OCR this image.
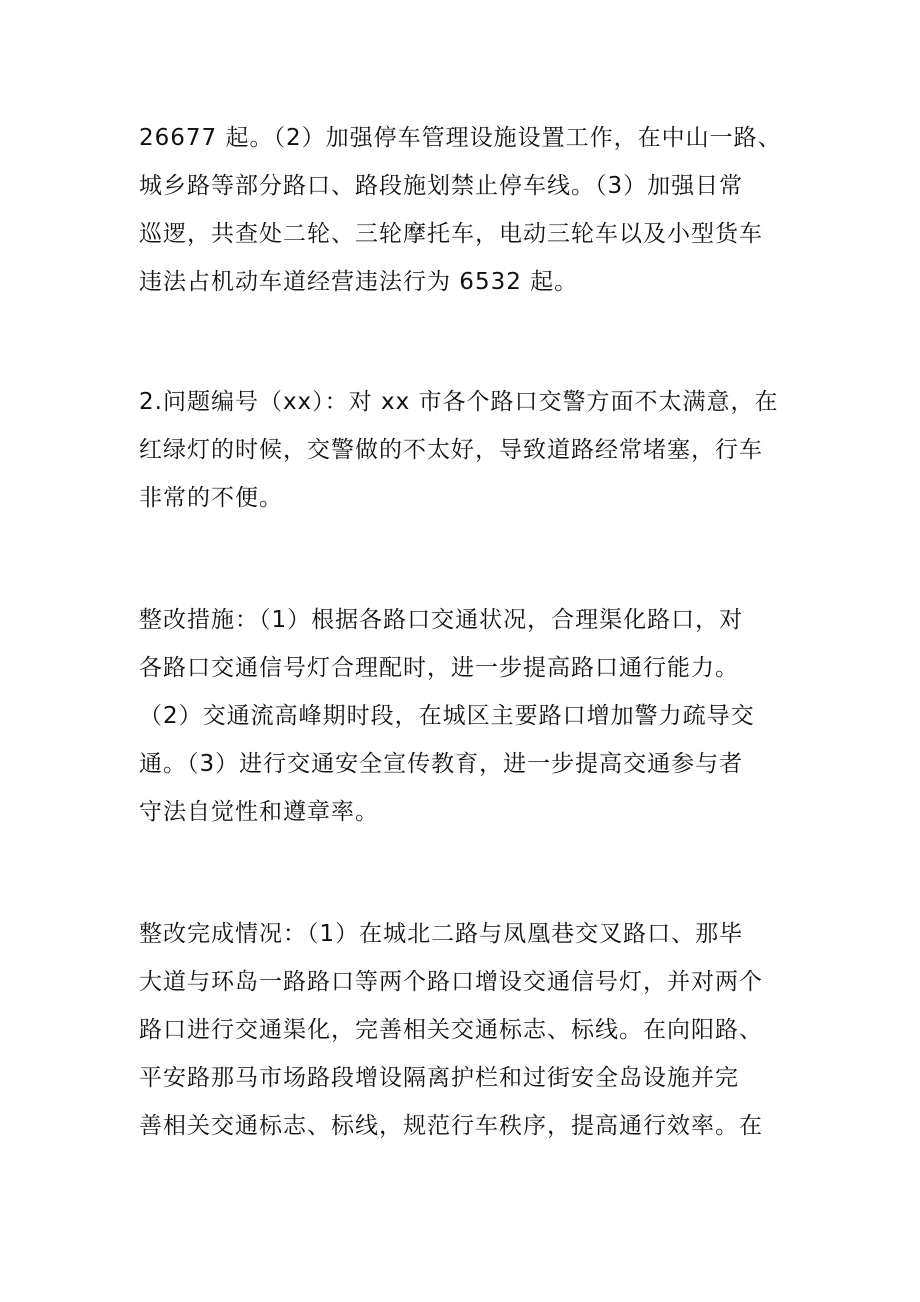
26677 起。（2）加强停车管理设施设置工作，在中山一路、
城乡路等部分路口、路段施划禁止停车线。（3）加强日常
巡逻，共查处二轮、三轮摩托车，电动三轮车以及小型货车
违法占机动车道经营违法行为 6532 起。

2.问题编号（xx）：对 xx 市各个路口交警方面不太满意，在
红绿灯的时候，交警做的不太好，导致道路经常堵塞，行车
非常的不便。

整改措施：（1）根据各路口交通状况，合理渠化路口，对
各路口交通信号灯合理配时，进一步提高路口通行能力。
（2）交通流高峰期时段，在城区主要路口增加警力疏导交
通。（3）进行交通安全宣传教育，进一步提高交通参与者
守法自觉性和遵章率。

整改完成情况：（1）在城北二路与凤凰巷交叉路口、那毕
大道与环岛一路路口等两个路口增设交通信号灯，并对两个
路口进行交通渠化，完善相关交通标志、标线。在向阳路、
平安路那马市场路段增设隔离护栏和过街安全岛设施并完
善相关交通标志、标线，规范行车秩序，提高通行效率。在
